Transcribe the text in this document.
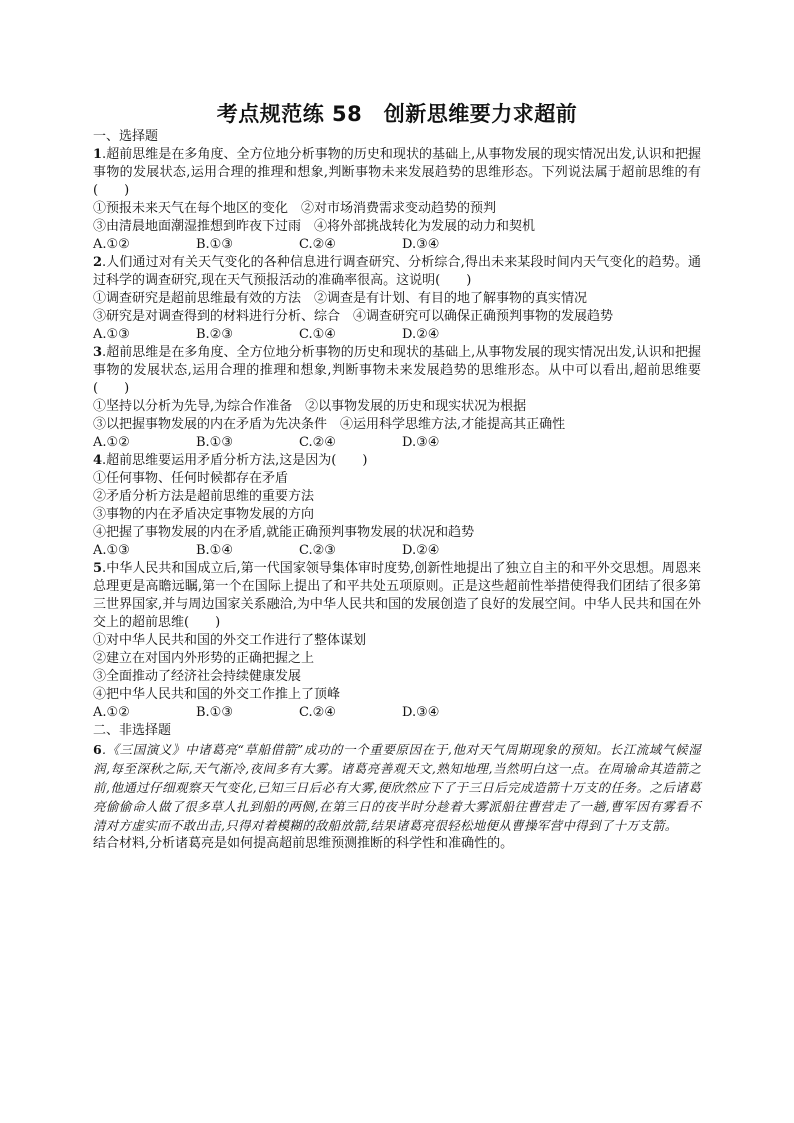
考点规范练 58　创新思维要力求超前
一、选择题
1.超前思维是在多角度、全方位地分析事物的历史和现状的基础上,从事物发展的现实情况出发,认识和把握事物的发展状态,运用合理的推理和想象,判断事物未来发展趋势的思维形态。下列说法属于超前思维的有(　　)
①预报未来天气在每个地区的变化　②对市场消费需求变动趋势的预判
③由清晨地面潮湿推想到昨夜下过雨　④将外部挑战转化为发展的动力和契机
A.①②	B.①③	C.②④	D.③④
2.人们通过对有关天气变化的各种信息进行调查研究、分析综合,得出未来某段时间内天气变化的趋势。通过科学的调查研究,现在天气预报活动的准确率很高。这说明(　　)
①调查研究是超前思维最有效的方法　②调查是有计划、有目的地了解事物的真实情况
③研究是对调查得到的材料进行分析、综合　④调查研究可以确保正确预判事物的发展趋势
A.①③	B.②③	C.①④	D.②④
3.超前思维是在多角度、全方位地分析事物的历史和现状的基础上,从事物发展的现实情况出发,认识和把握事物的发展状态,运用合理的推理和想象,判断事物未来发展趋势的思维形态。从中可以看出,超前思维要(　　)
①坚持以分析为先导,为综合作准备　②以事物发展的历史和现实状况为根据
③以把握事物发展的内在矛盾为先决条件　④运用科学思维方法,才能提高其正确性
A.①②	B.①③	C.②④	D.③④
4.超前思维要运用矛盾分析方法,这是因为(　　)
①任何事物、任何时候都存在矛盾
②矛盾分析方法是超前思维的重要方法
③事物的内在矛盾决定事物发展的方向
④把握了事物发展的内在矛盾,就能正确预判事物发展的状况和趋势
A.①③	B.①④	C.②③	D.②④
5.中华人民共和国成立后,第一代国家领导集体审时度势,创新性地提出了独立自主的和平外交思想。周恩来总理更是高瞻远瞩,第一个在国际上提出了和平共处五项原则。正是这些超前性举措使得我们团结了很多第三世界国家,并与周边国家关系融洽,为中华人民共和国的发展创造了良好的发展空间。中华人民共和国在外交上的超前思维(　　)
①对中华人民共和国的外交工作进行了整体谋划
②建立在对国内外形势的正确把握之上
③全面推动了经济社会持续健康发展
④把中华人民共和国的外交工作推上了顶峰
A.①②	B.①③	C.②④	D.③④
二、非选择题
6.《三国演义》中诸葛亮“草船借箭”成功的一个重要原因在于,他对天气周期现象的预知。长江流域气候湿润,每至深秋之际,天气渐冷,夜间多有大雾。诸葛亮善观天文,熟知地理,当然明白这一点。在周瑜命其造箭之前,他通过仔细观察天气变化,已知三日后必有大雾,便欣然应下了于三日后完成造箭十万支的任务。之后诸葛亮偷偷命人做了很多草人扎到船的两侧,在第三日的夜半时分趁着大雾派船往曹营走了一趟,曹军因有雾看不清对方虚实而不敢出击,只得对着模糊的敌船放箭,结果诸葛亮很轻松地便从曹操军营中得到了十万支箭。
结合材料,分析诸葛亮是如何提高超前思维预测推断的科学性和准确性的。
